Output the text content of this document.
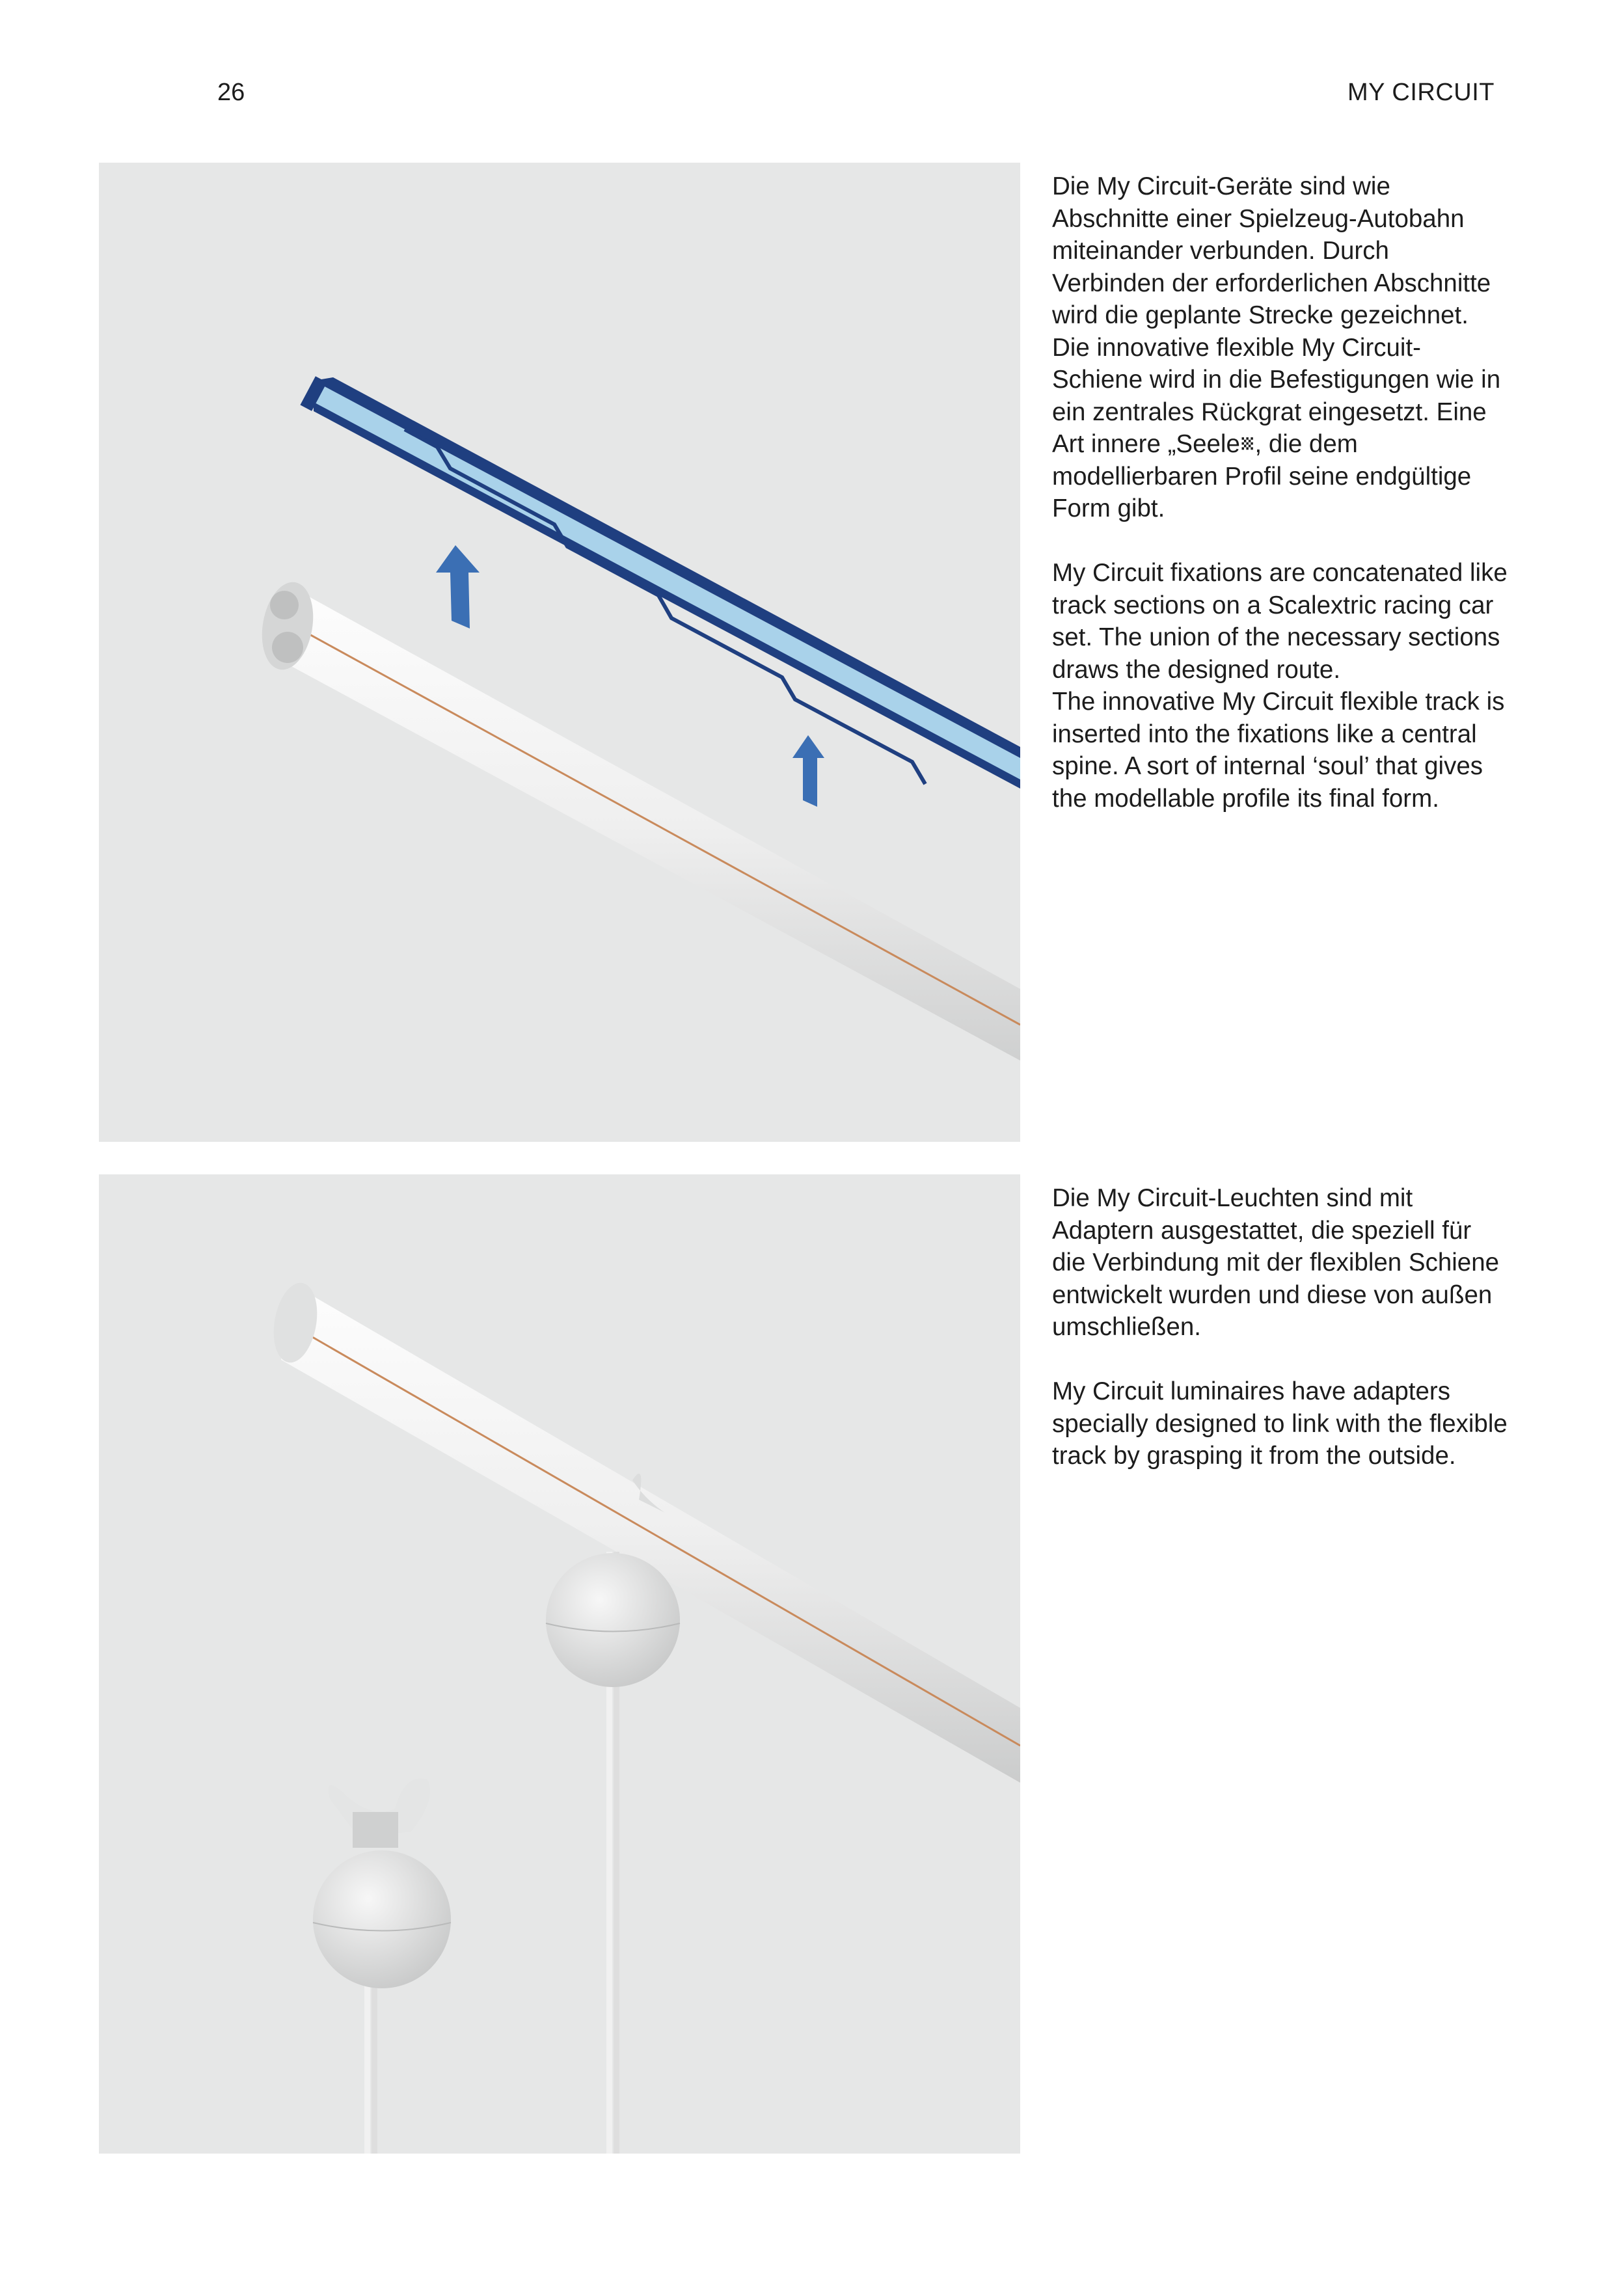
26	MY CIRCUIT

Die My Circuit-Geräte sind wie Abschnitte einer Spielzeug-Autobahn miteinander verbunden. Durch Verbinden der erforderlichen Abschnitte wird die geplante Strecke gezeichnet.

Die innovative flexible My Circuit-Schiene wird in die Befestigungen wie in ein zentrales Rückgrat eingesetzt. Eine Art innere „Seele␧, die dem modellierbaren Profil seine endgültige Form gibt.

My Circuit fixations are concatenated like track sections on a Scalextric racing car set. The union of the necessary sections draws the designed route.

The innovative My Circuit flexible track is inserted into the fixations like a central spine. A sort of internal ‘soul’ that gives the modellable profile its final form.

Die My Circuit-Leuchten sind mit Adaptern ausgestattet, die speziell für die Verbindung mit der flexiblen Schiene entwickelt wurden und diese von außen umschließen.

My Circuit luminaires have adapters specially designed to link with the flexible track by grasping it from the outside.
